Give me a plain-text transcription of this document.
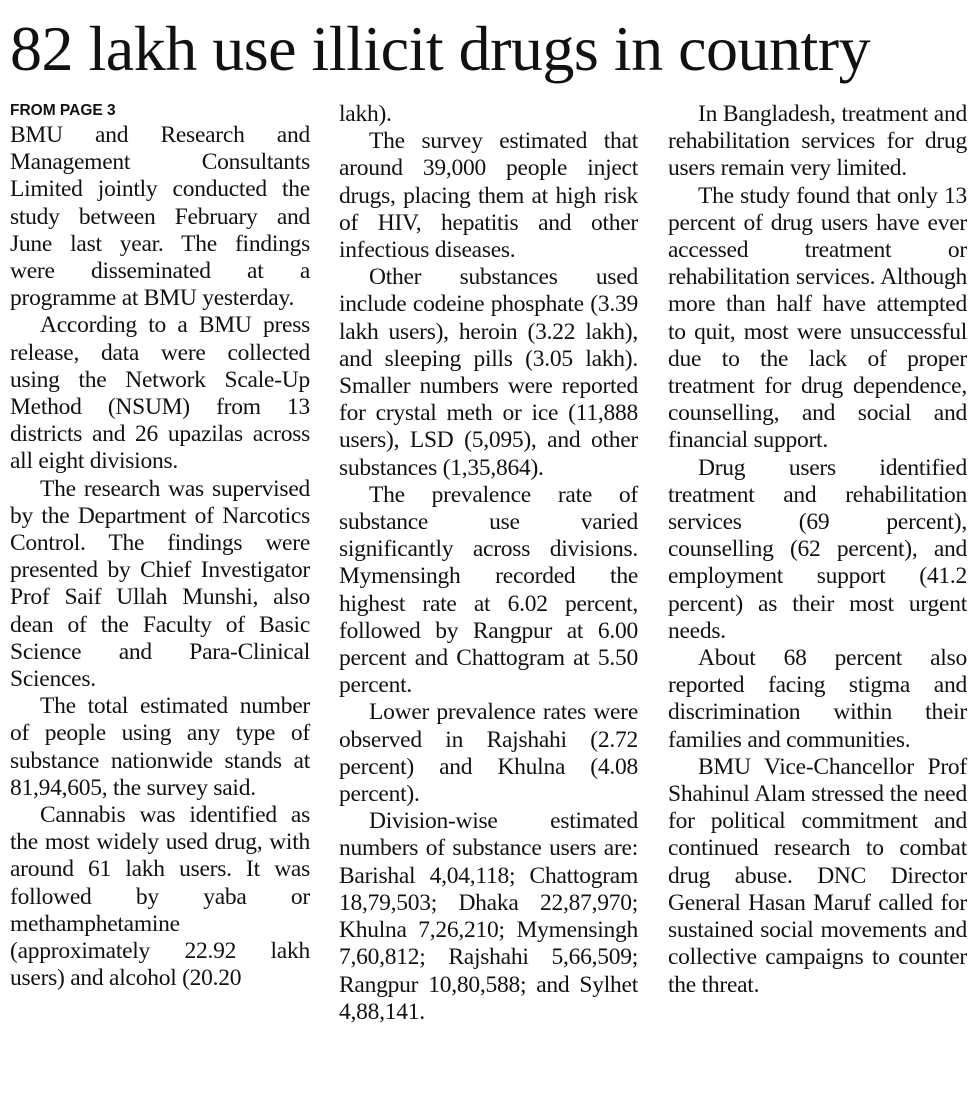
82 lakh use illicit drugs in country
FROM PAGE 3

BMU and Research and Management Consultants Limited jointly conducted the study between February and June last year. The findings were disseminated at a programme at BMU yesterday.

According to a BMU press release, data were collected using the Network Scale-Up Method (NSUM) from 13 districts and 26 upazilas across all eight divisions.

The research was supervised by the Department of Narcotics Control. The findings were presented by Chief Investigator Prof Saif Ullah Munshi, also dean of the Faculty of Basic Science and Para-Clinical Sciences.

The total estimated number of people using any type of substance nationwide stands at 81,94,605, the survey said.

Cannabis was identified as the most widely used drug, with around 61 lakh users. It was followed by yaba or methamphetamine (approximately 22.92 lakh users) and alcohol (20.20

lakh).

The survey estimated that around 39,000 people inject drugs, placing them at high risk of HIV, hepatitis and other infectious diseases.

Other substances used include codeine phosphate (3.39 lakh users), heroin (3.22 lakh), and sleeping pills (3.05 lakh). Smaller numbers were reported for crystal meth or ice (11,888 users), LSD (5,095), and other substances (1,35,864).

The prevalence rate of substance use varied significantly across divisions. Mymensingh recorded the highest rate at 6.02 percent, followed by Rangpur at 6.00 percent and Chattogram at 5.50 percent.

Lower prevalence rates were observed in Rajshahi (2.72 percent) and Khulna (4.08 percent).

Division-wise estimated numbers of substance users are: Barishal 4,04,118; Chattogram 18,79,503; Dhaka 22,87,970; Khulna 7,26,210; Mymensingh 7,60,812; Rajshahi 5,66,509; Rangpur 10,80,588; and Sylhet 4,88,141.

In Bangladesh, treatment and rehabilitation services for drug users remain very limited.

The study found that only 13 percent of drug users have ever accessed treatment or rehabilitation services. Although more than half have attempted to quit, most were unsuccessful due to the lack of proper treatment for drug dependence, counselling, and social and financial support.

Drug users identified treatment and rehabilitation services (69 percent), counselling (62 percent), and employment support (41.2 percent) as their most urgent needs.

About 68 percent also reported facing stigma and discrimination within their families and communities.

BMU Vice-Chancellor Prof Shahinul Alam stressed the need for political commitment and continued research to combat drug abuse. DNC Director General Hasan Maruf called for sustained social movements and collective campaigns to counter the threat.
